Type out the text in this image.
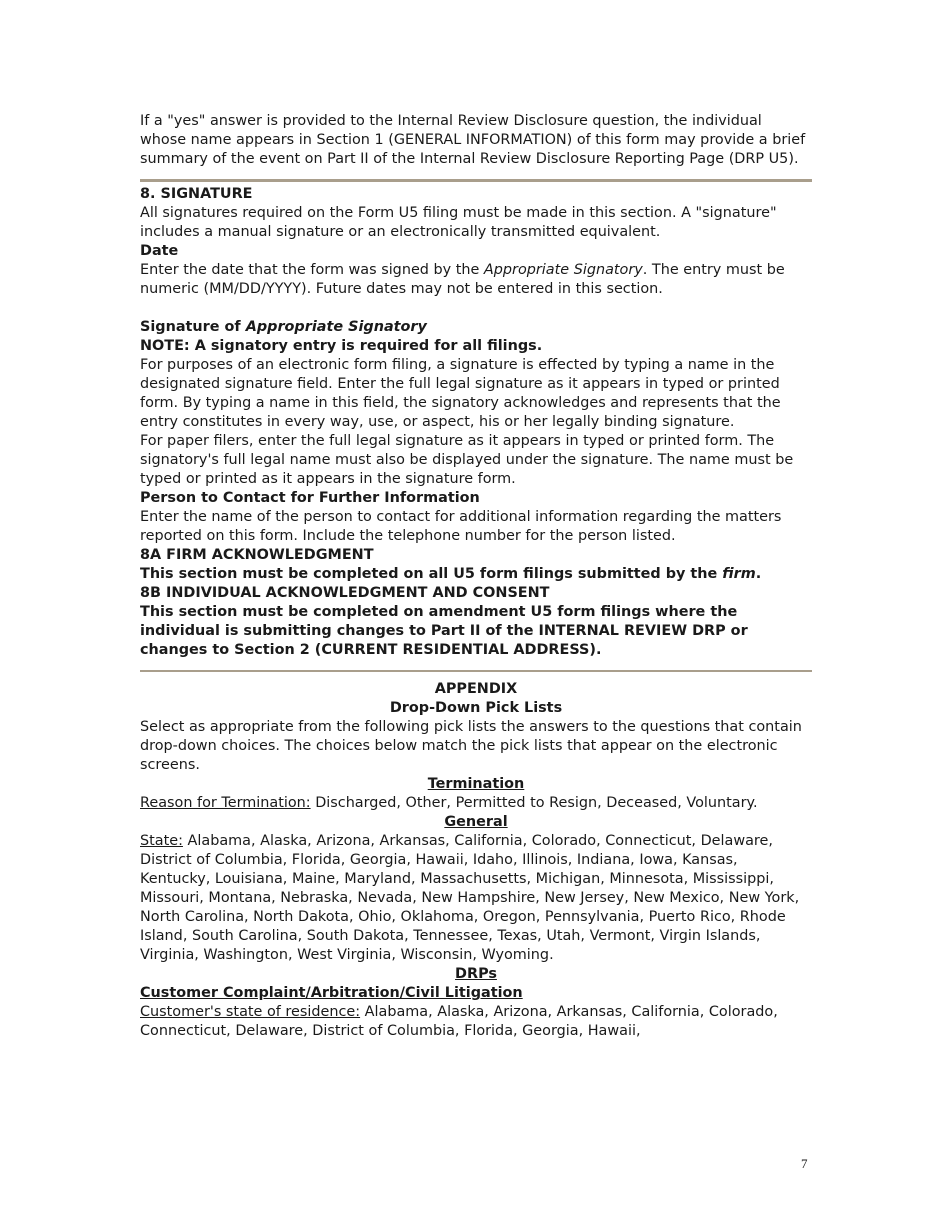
If a "yes" answer is provided to the Internal Review Disclosure question, the individual whose name appears in Section 1 (GENERAL INFORMATION) of this form may provide a brief summary of the event on Part II of the Internal Review Disclosure Reporting Page (DRP U5).

8. SIGNATURE

All signatures required on the Form U5 filing must be made in this section. A "signature" includes a manual signature or an electronically transmitted equivalent.

Date

Enter the date that the form was signed by the Appropriate Signatory. The entry must be numeric (MM/DD/YYYY). Future dates may not be entered in this section.

Signature of Appropriate Signatory

NOTE: A signatory entry is required for all filings.

For purposes of an electronic form filing, a signature is effected by typing a name in the designated signature field. Enter the full legal signature as it appears in typed or printed form. By typing a name in this field, the signatory acknowledges and represents that the entry constitutes in every way, use, or aspect, his or her legally binding signature.

For paper filers, enter the full legal signature as it appears in typed or printed form. The signatory's full legal name must also be displayed under the signature. The name must be typed or printed as it appears in the signature form.

Person to Contact for Further Information

Enter the name of the person to contact for additional information regarding the matters reported on this form. Include the telephone number for the person listed.

8A FIRM ACKNOWLEDGMENT

This section must be completed on all U5 form filings submitted by the firm.

8B INDIVIDUAL ACKNOWLEDGMENT AND CONSENT

This section must be completed on amendment U5 form filings where the individual is submitting changes to Part II of the INTERNAL REVIEW DRP or changes to Section 2 (CURRENT RESIDENTIAL ADDRESS).

APPENDIX

Drop-Down Pick Lists

Select as appropriate from the following pick lists the answers to the questions that contain drop-down choices. The choices below match the pick lists that appear on the electronic screens.

Termination

Reason for Termination: Discharged, Other, Permitted to Resign, Deceased, Voluntary.

General

State: Alabama, Alaska, Arizona, Arkansas, California, Colorado, Connecticut, Delaware, District of Columbia, Florida, Georgia, Hawaii, Idaho, Illinois, Indiana, Iowa, Kansas, Kentucky, Louisiana, Maine, Maryland, Massachusetts, Michigan, Minnesota, Mississippi, Missouri, Montana, Nebraska, Nevada, New Hampshire, New Jersey, New Mexico, New York, North Carolina, North Dakota, Ohio, Oklahoma, Oregon, Pennsylvania, Puerto Rico, Rhode Island, South Carolina, South Dakota, Tennessee, Texas, Utah, Vermont, Virgin Islands, Virginia, Washington, West Virginia, Wisconsin, Wyoming.

DRPs

Customer Complaint/Arbitration/Civil Litigation

Customer's state of residence: Alabama, Alaska, Arizona, Arkansas, California, Colorado, Connecticut, Delaware, District of Columbia, Florida, Georgia, Hawaii,

7
